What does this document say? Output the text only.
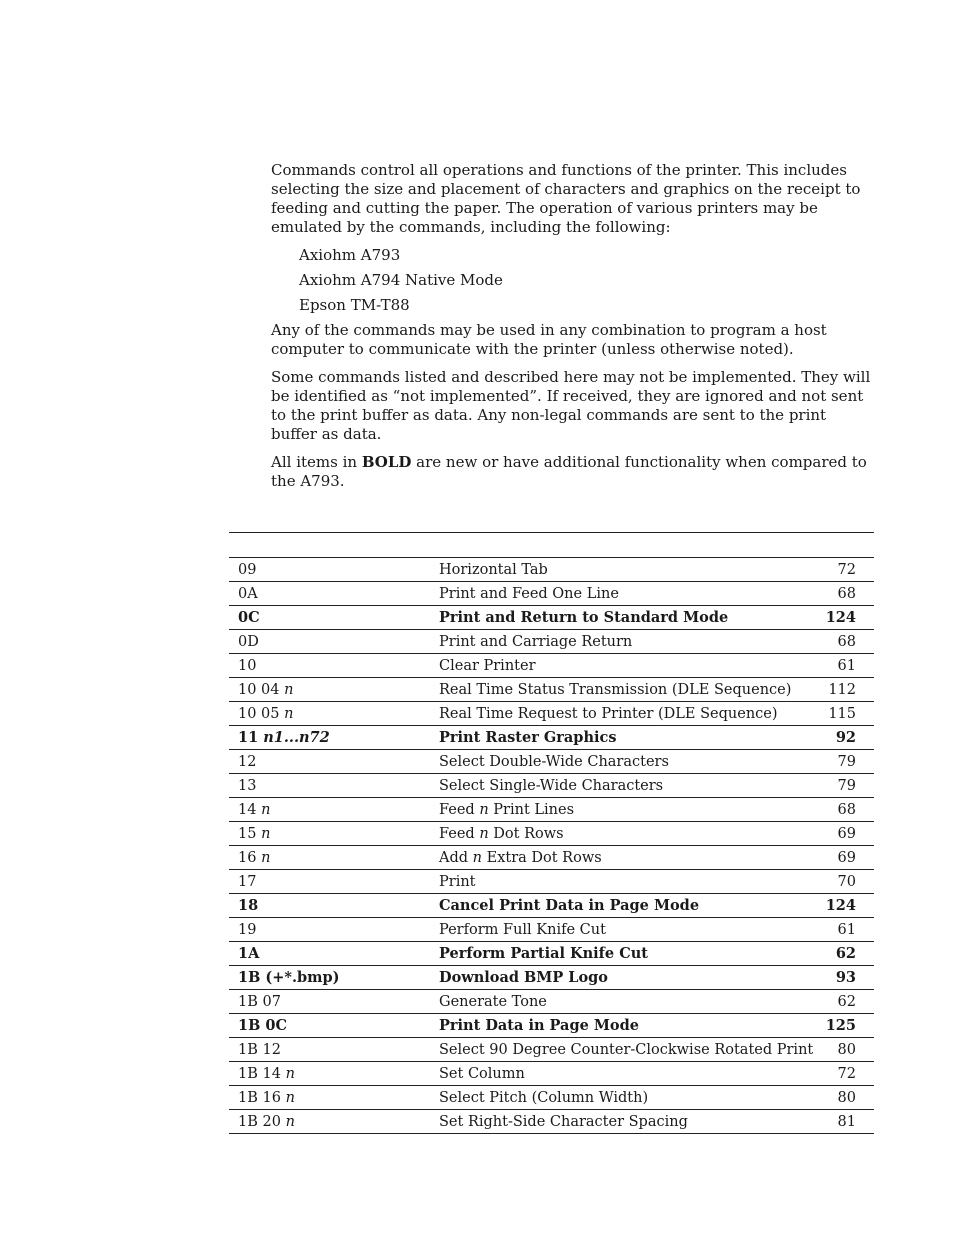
Commands control all operations and functions of the printer. This includes selecting the size and placement of characters and graphics on the receipt to feeding and cutting the paper. The operation of various printers may be emulated by the commands, including the following:

Axiohm A793

Axiohm A794 Native Mode

Epson TM-T88

Any of the commands may be used in any combination to program a host computer to communicate with the printer (unless otherwise noted).

Some commands listed and described here may not be implemented. They will be identified as “not implemented”. If received, they are ignored and not sent to the print buffer as data. Any non-legal commands are sent to the print buffer as data.

All items in BOLD are new or have additional functionality when compared to the A793.

09	Horizontal Tab	72
0A	Print and Feed One Line	68
0C	Print and Return to Standard Mode	124
0D	Print and Carriage Return	68
10	Clear Printer	61
10 04 n	Real Time Status Transmission (DLE Sequence)	112
10 05 n	Real Time Request to Printer (DLE Sequence)	115
11 n1...n72	Print Raster Graphics	92
12	Select Double-Wide Characters	79
13	Select Single-Wide Characters	79
14 n	Feed n Print Lines	68
15 n	Feed n Dot Rows	69
16 n	Add n Extra Dot Rows	69
17	Print	70
18	Cancel Print Data in Page Mode	124
19	Perform Full Knife Cut	61
1A	Perform Partial Knife Cut	62
1B (+*.bmp)	Download BMP Logo	93
1B 07	Generate Tone	62
1B 0C	Print Data in Page Mode	125
1B 12	Select 90 Degree Counter-Clockwise Rotated Print	80
1B 14 n	Set Column	72
1B 16 n	Select Pitch (Column Width)	80
1B 20 n	Set Right-Side Character Spacing	81
